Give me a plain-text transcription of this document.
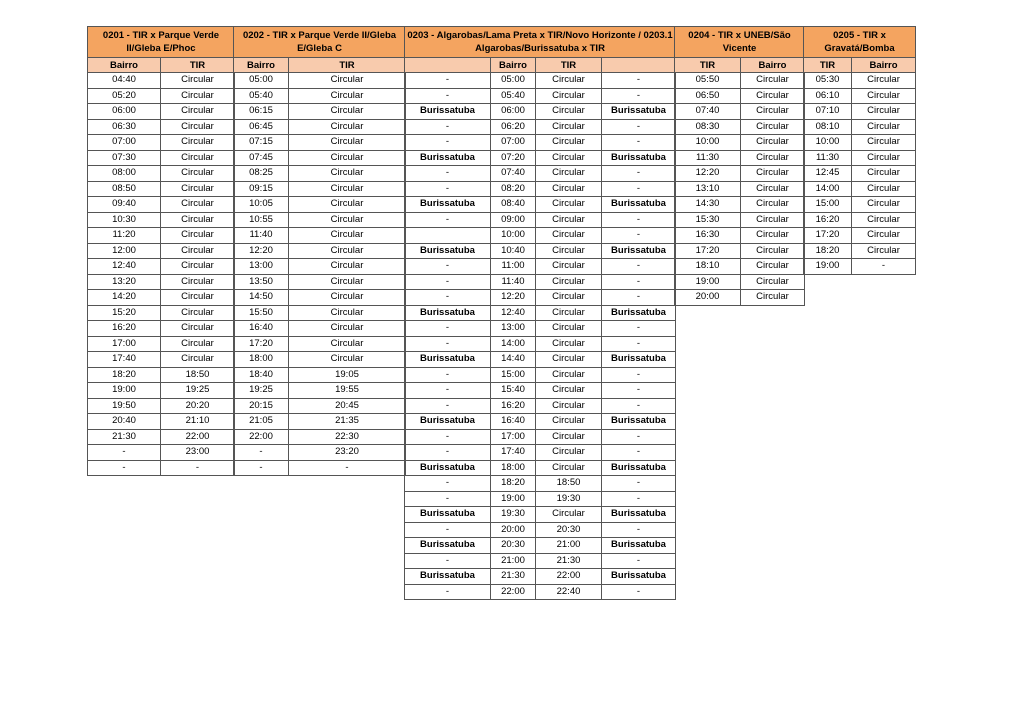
0201 - TIR x Parque Verde II/Gleba E/Phoc	
Bairro	TIR
04:40	Circular
05:20	Circular
06:00	Circular
06:30	Circular
07:00	Circular
07:30	Circular
08:00	Circular
08:50	Circular
09:40	Circular
10:30	Circular
11:20	Circular
12:00	Circular
12:40	Circular
13:20	Circular
14:20	Circular
15:20	Circular
16:20	Circular
17:00	Circular
17:40	Circular
18:20	18:50
19:00	19:25
19:50	20:20
20:40	21:10
21:30	22:00
-	23:00
-	-
0202 - TIR x Parque Verde II/Gleba E/Gleba C	
Bairro	TIR
05:00	Circular
05:40	Circular
06:15	Circular
06:45	Circular
07:15	Circular
07:45	Circular
08:25	Circular
09:15	Circular
10:05	Circular
10:55	Circular
11:40	Circular
12:20	Circular
13:00	Circular
13:50	Circular
14:50	Circular
15:50	Circular
16:40	Circular
17:20	Circular
18:00	Circular
18:40	19:05
19:25	19:55
20:15	20:45
21:05	21:35
22:00	22:30
-	23:20
-	-
0203 - Algarobas/Lama Preta x TIR/Novo Horizonte / 0203.1 Algarobas/Burissatuba x TIR			
	Bairro	TIR	
-	05:00	Circular	-
-	05:40	Circular	-
Burissatuba	06:00	Circular	Burissatuba
-	06:20	Circular	-
-	07:00	Circular	-
Burissatuba	07:20	Circular	Burissatuba
-	07:40	Circular	-
-	08:20	Circular	-
Burissatuba	08:40	Circular	Burissatuba
-	09:00	Circular	-
	10:00	Circular	-
Burissatuba	10:40	Circular	Burissatuba
-	11:00	Circular	-
-	11:40	Circular	-
-	12:20	Circular	-
Burissatuba	12:40	Circular	Burissatuba
-	13:00	Circular	-
-	14:00	Circular	-
Burissatuba	14:40	Circular	Burissatuba
-	15:00	Circular	-
-	15:40	Circular	-
-	16:20	Circular	-
Burissatuba	16:40	Circular	Burissatuba
-	17:00	Circular	-
-	17:40	Circular	-
Burissatuba	18:00	Circular	Burissatuba
-	18:20	18:50	-
-	19:00	19:30	-
Burissatuba	19:30	Circular	Burissatuba
-	20:00	20:30	-
Burissatuba	20:30	21:00	Burissatuba
-	21:00	21:30	-
Burissatuba	21:30	22:00	Burissatuba
-	22:00	22:40	-
0204 - TIR x UNEB/São Vicente	
TIR	Bairro
05:50	Circular
06:50	Circular
07:40	Circular
08:30	Circular
10:00	Circular
11:30	Circular
12:20	Circular
13:10	Circular
14:30	Circular
15:30	Circular
16:30	Circular
17:20	Circular
18:10	Circular
19:00	Circular
20:00	Circular
0205 - TIR x Gravatá/Bomba	
TIR	Bairro
05:30	Circular
06:10	Circular
07:10	Circular
08:10	Circular
10:00	Circular
11:30	Circular
12:45	Circular
14:00	Circular
15:00	Circular
16:20	Circular
17:20	Circular
18:20	Circular
19:00	-
